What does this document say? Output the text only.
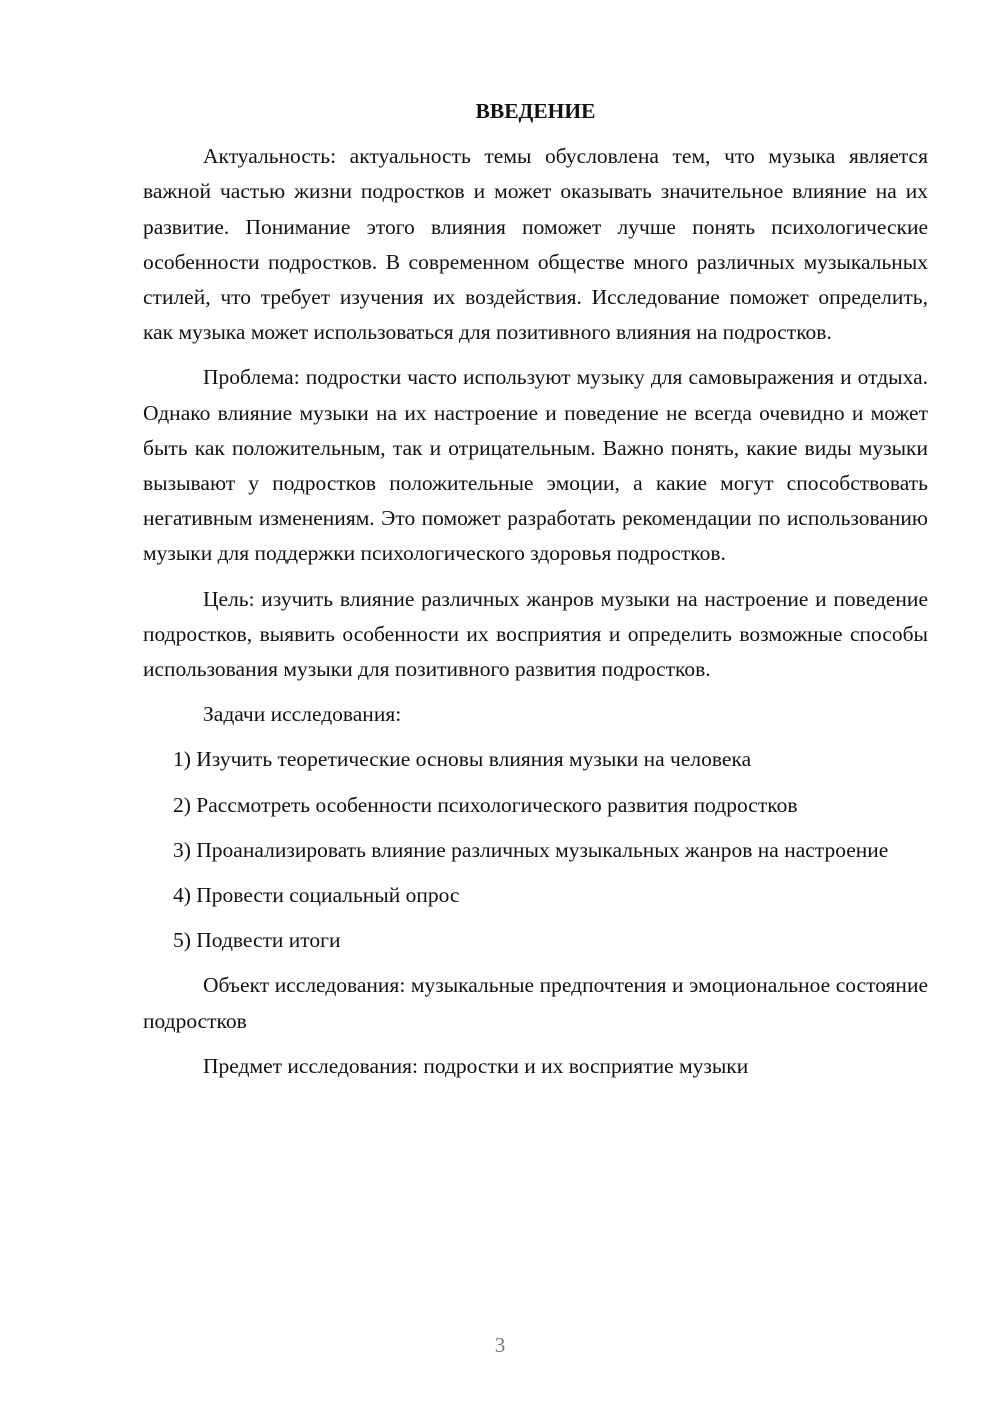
ВВЕДЕНИЕ

Актуальность: актуальность темы обусловлена тем, что музыка является важной частью жизни подростков и может оказывать значительное влияние на их развитие. Понимание этого влияния поможет лучше понять психологические особенности подростков. В современном обществе много различных музыкальных стилей, что требует изучения их воздействия. Исследование поможет определить, как музыка может использоваться для позитивного влияния на подростков.

Проблема: подростки часто используют музыку для самовыражения и отдыха. Однако влияние музыки на их настроение и поведение не всегда очевидно и может быть как положительным, так и отрицательным. Важно понять, какие виды музыки вызывают у подростков положительные эмоции, а какие могут способствовать негативным изменениям. Это поможет разработать рекомендации по использованию музыки для поддержки психологического здоровья подростков.

Цель: изучить влияние различных жанров музыки на настроение и поведение подростков, выявить особенности их восприятия и определить возможные способы использования музыки для позитивного развития подростков.

Задачи исследования:

1) Изучить теоретические основы влияния музыки на человека

2) Рассмотреть особенности психологического развития подростков

3) Проанализировать влияние различных музыкальных жанров на настроение

4) Провести социальный опрос

5) Подвести итоги

Объект исследования: музыкальные предпочтения и эмоциональное состояние подростков

Предмет исследования: подростки и их восприятие музыки

3
